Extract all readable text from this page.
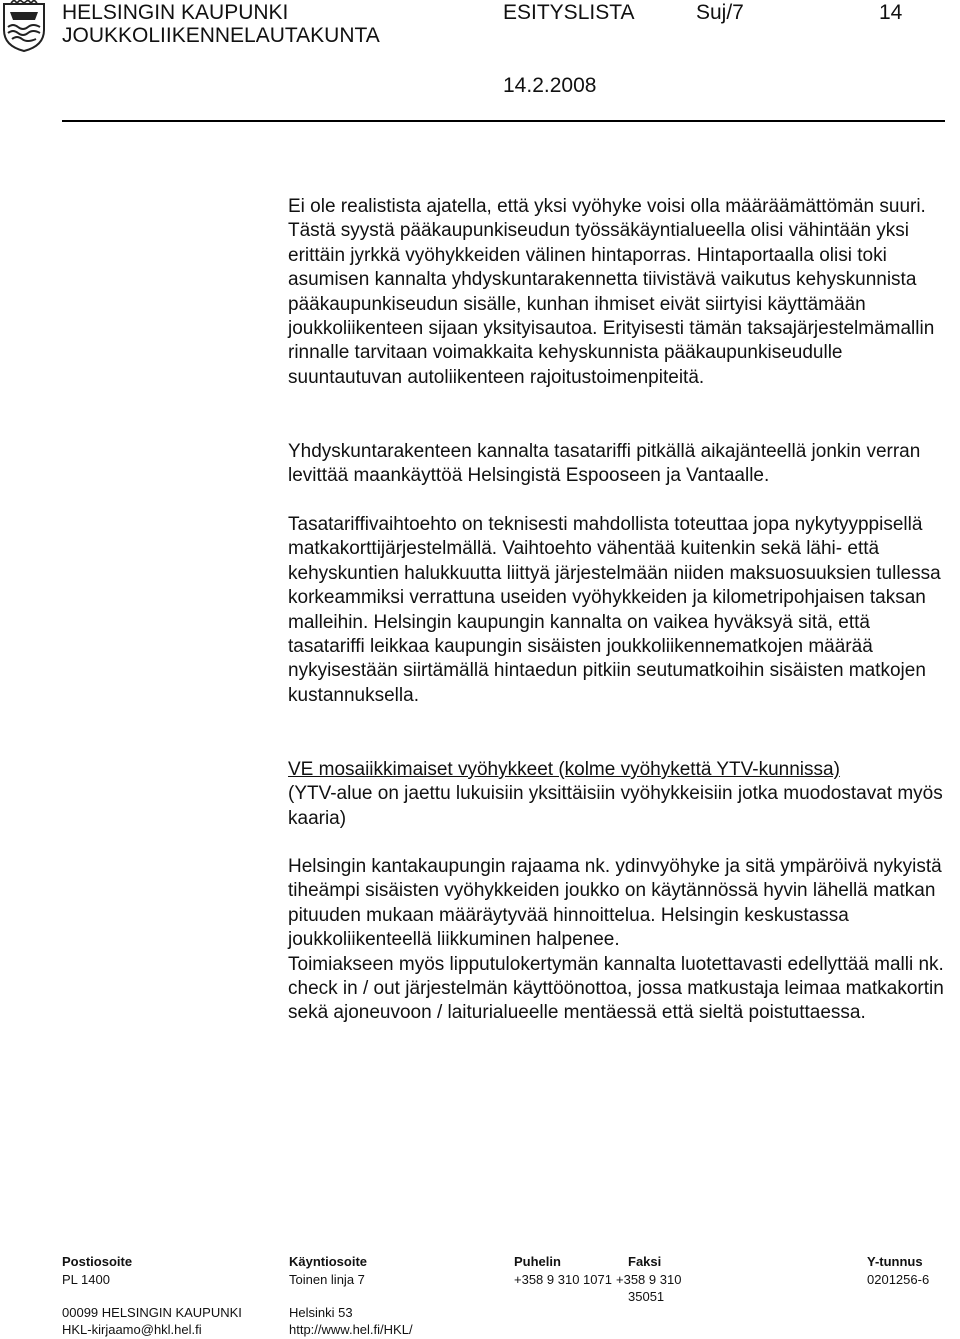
HELSINGIN KAUPUNKI
JOUKKOLIIKENNELAUTAKUNTA
ESITYSLISTA	Suj/7	14
14.2.2008

Ei ole realistista ajatella, että yksi vyöhyke voisi olla määräämättömän suuri. Tästä syystä pääkaupunkiseudun työssäkäyntialueella olisi vähintään yksi erittäin jyrkkä vyöhykkeiden välinen hintaporras. Hintaportaalla olisi toki asumisen kannalta yhdyskuntarakennetta tiivistävä vaikutus kehyskunnista pääkaupunkiseudun sisälle, kunhan ihmiset eivät siirtyisi käyttämään joukkoliikenteen sijaan yksityisautoa. Erityisesti tämän taksajärjestelmämallin rinnalle tarvitaan voimakkaita kehyskunnista pääkaupunkiseudulle suuntautuvan autoliikenteen rajoitustoimenpiteitä.

Yhdyskuntarakenteen kannalta tasatariffi pitkällä aikajänteellä jonkin verran levittää maankäyttöä Helsingistä Espooseen ja Vantaalle.

Tasatariffivaihtoehto on teknisesti mahdollista toteuttaa jopa nykytyyppisellä matkakorttijärjestelmällä. Vaihtoehto vähentää kuitenkin sekä lähi- että kehyskuntien halukkuutta liittyä järjestelmään niiden maksuosuuksien tullessa korkeammiksi verrattuna useiden vyöhykkeiden ja kilometripohjaisen taksan malleihin. Helsingin kaupungin kannalta on vaikea hyväksyä sitä, että tasatariffi leikkaa kaupungin sisäisten joukkoliikennematkojen määrää nykyisestään siirtämällä hintaedun pitkiin seutumatkoihin sisäisten matkojen kustannuksella.

VE mosaiikkimaiset vyöhykkeet (kolme vyöhykettä YTV-kunnissa)

(YTV-alue on jaettu lukuisiin yksittäisiin vyöhykkeisiin jotka muodostavat myös kaaria)

Helsingin kantakaupungin rajaama nk. ydinvyöhyke ja sitä ympäröivä nykyistä tiheämpi sisäisten vyöhykkeiden joukko on käytännössä hyvin lähellä matkan pituuden mukaan määräytyvää hinnoittelua. Helsingin keskustassa joukkoliikenteellä liikkuminen halpenee.

Toimiakseen myös lipputulokertymän kannalta luotettavasti edellyttää malli nk. check in / out järjestelmän käyttöönottoa, jossa matkustaja leimaa matkakortin sekä ajoneuvoon / laiturialueelle mentäessä että sieltä poistuttaessa.

Postiosoite
PL 1400
00099 HELSINGIN KAUPUNKI
HKL-kirjaamo@hkl.hel.fi
Käyntiosoite
Toinen linja 7
Helsinki 53
http://www.hel.fi/HKL/
Puhelin
+358 9 310 1071
Faksi
+358 9 310
35051
Y-tunnus
0201256-6
